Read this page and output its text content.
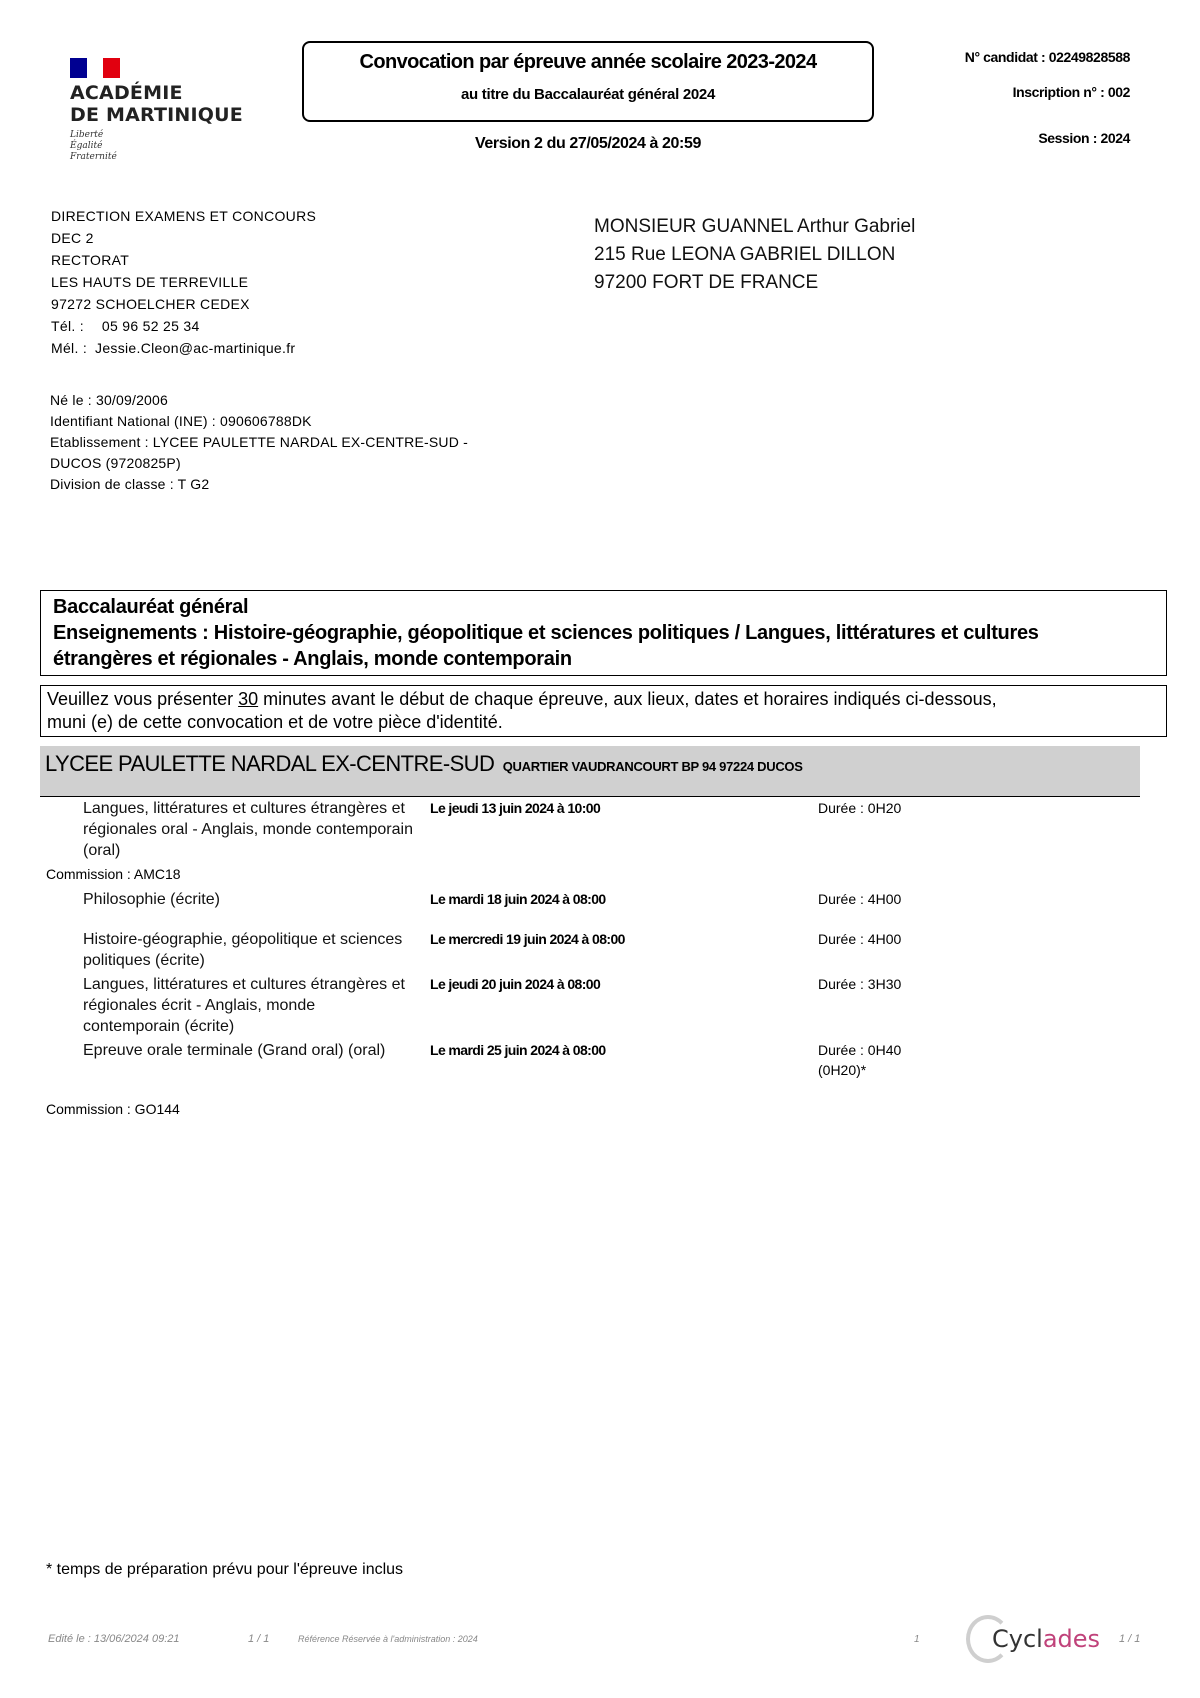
ACADÉMIE
DE MARTINIQUE
Liberté
Égalité
Fraternité
Convocation par épreuve année scolaire 2023-2024
au titre du Baccalauréat général 2024
Version 2 du 27/05/2024 à 20:59
N° candidat : 02249828588
Inscription n° : 002
Session : 2024
DIRECTION EXAMENS ET CONCOURS
DEC 2
RECTORAT
LES HAUTS DE TERREVILLE
97272 SCHOELCHER CEDEX
Tél. : 05 96 52 25 34
Mél. : Jessie.Cleon@ac-martinique.fr
MONSIEUR GUANNEL Arthur Gabriel
215 Rue LEONA GABRIEL DILLON
97200 FORT DE FRANCE
Né le : 30/09/2006
Identifiant National (INE) : 090606788DK
Etablissement : LYCEE PAULETTE NARDAL EX-CENTRE-SUD -
DUCOS (9720825P)
Division de classe : T G2
Baccalauréat général
Enseignements : Histoire-géographie, géopolitique et sciences politiques / Langues, littératures et cultures
étrangères et régionales - Anglais, monde contemporain
Veuillez vous présenter 30 minutes avant le début de chaque épreuve, aux lieux, dates et horaires indiqués ci-dessous,
muni (e) de cette convocation et de votre pièce d'identité.
LYCEE PAULETTE NARDAL EX-CENTRE-SUD QUARTIER VAUDRANCOURT BP 94 97224 DUCOS
Langues, littératures et cultures étrangères et régionales oral - Anglais, monde contemporain (oral)
Le jeudi 13 juin 2024 à 10:00	Durée : 0H20
Commission : AMC18
Philosophie (écrite)	Le mardi 18 juin 2024 à 08:00	Durée : 4H00
Histoire-géographie, géopolitique et sciences politiques (écrite)
Le mercredi 19 juin 2024 à 08:00	Durée : 4H00
Langues, littératures et cultures étrangères et régionales écrit - Anglais, monde contemporain (écrite)
Le jeudi 20 juin 2024 à 08:00	Durée : 3H30
Epreuve orale terminale (Grand oral) (oral)	Le mardi 25 juin 2024 à 08:00	Durée : 0H40
(0H20)*
Commission : GO144
* temps de préparation prévu pour l'épreuve inclus
Edité le : 13/06/2024 09:21	1 / 1	Référence Réservée à l'administration : 2024	1	Cyclades 1 / 1
